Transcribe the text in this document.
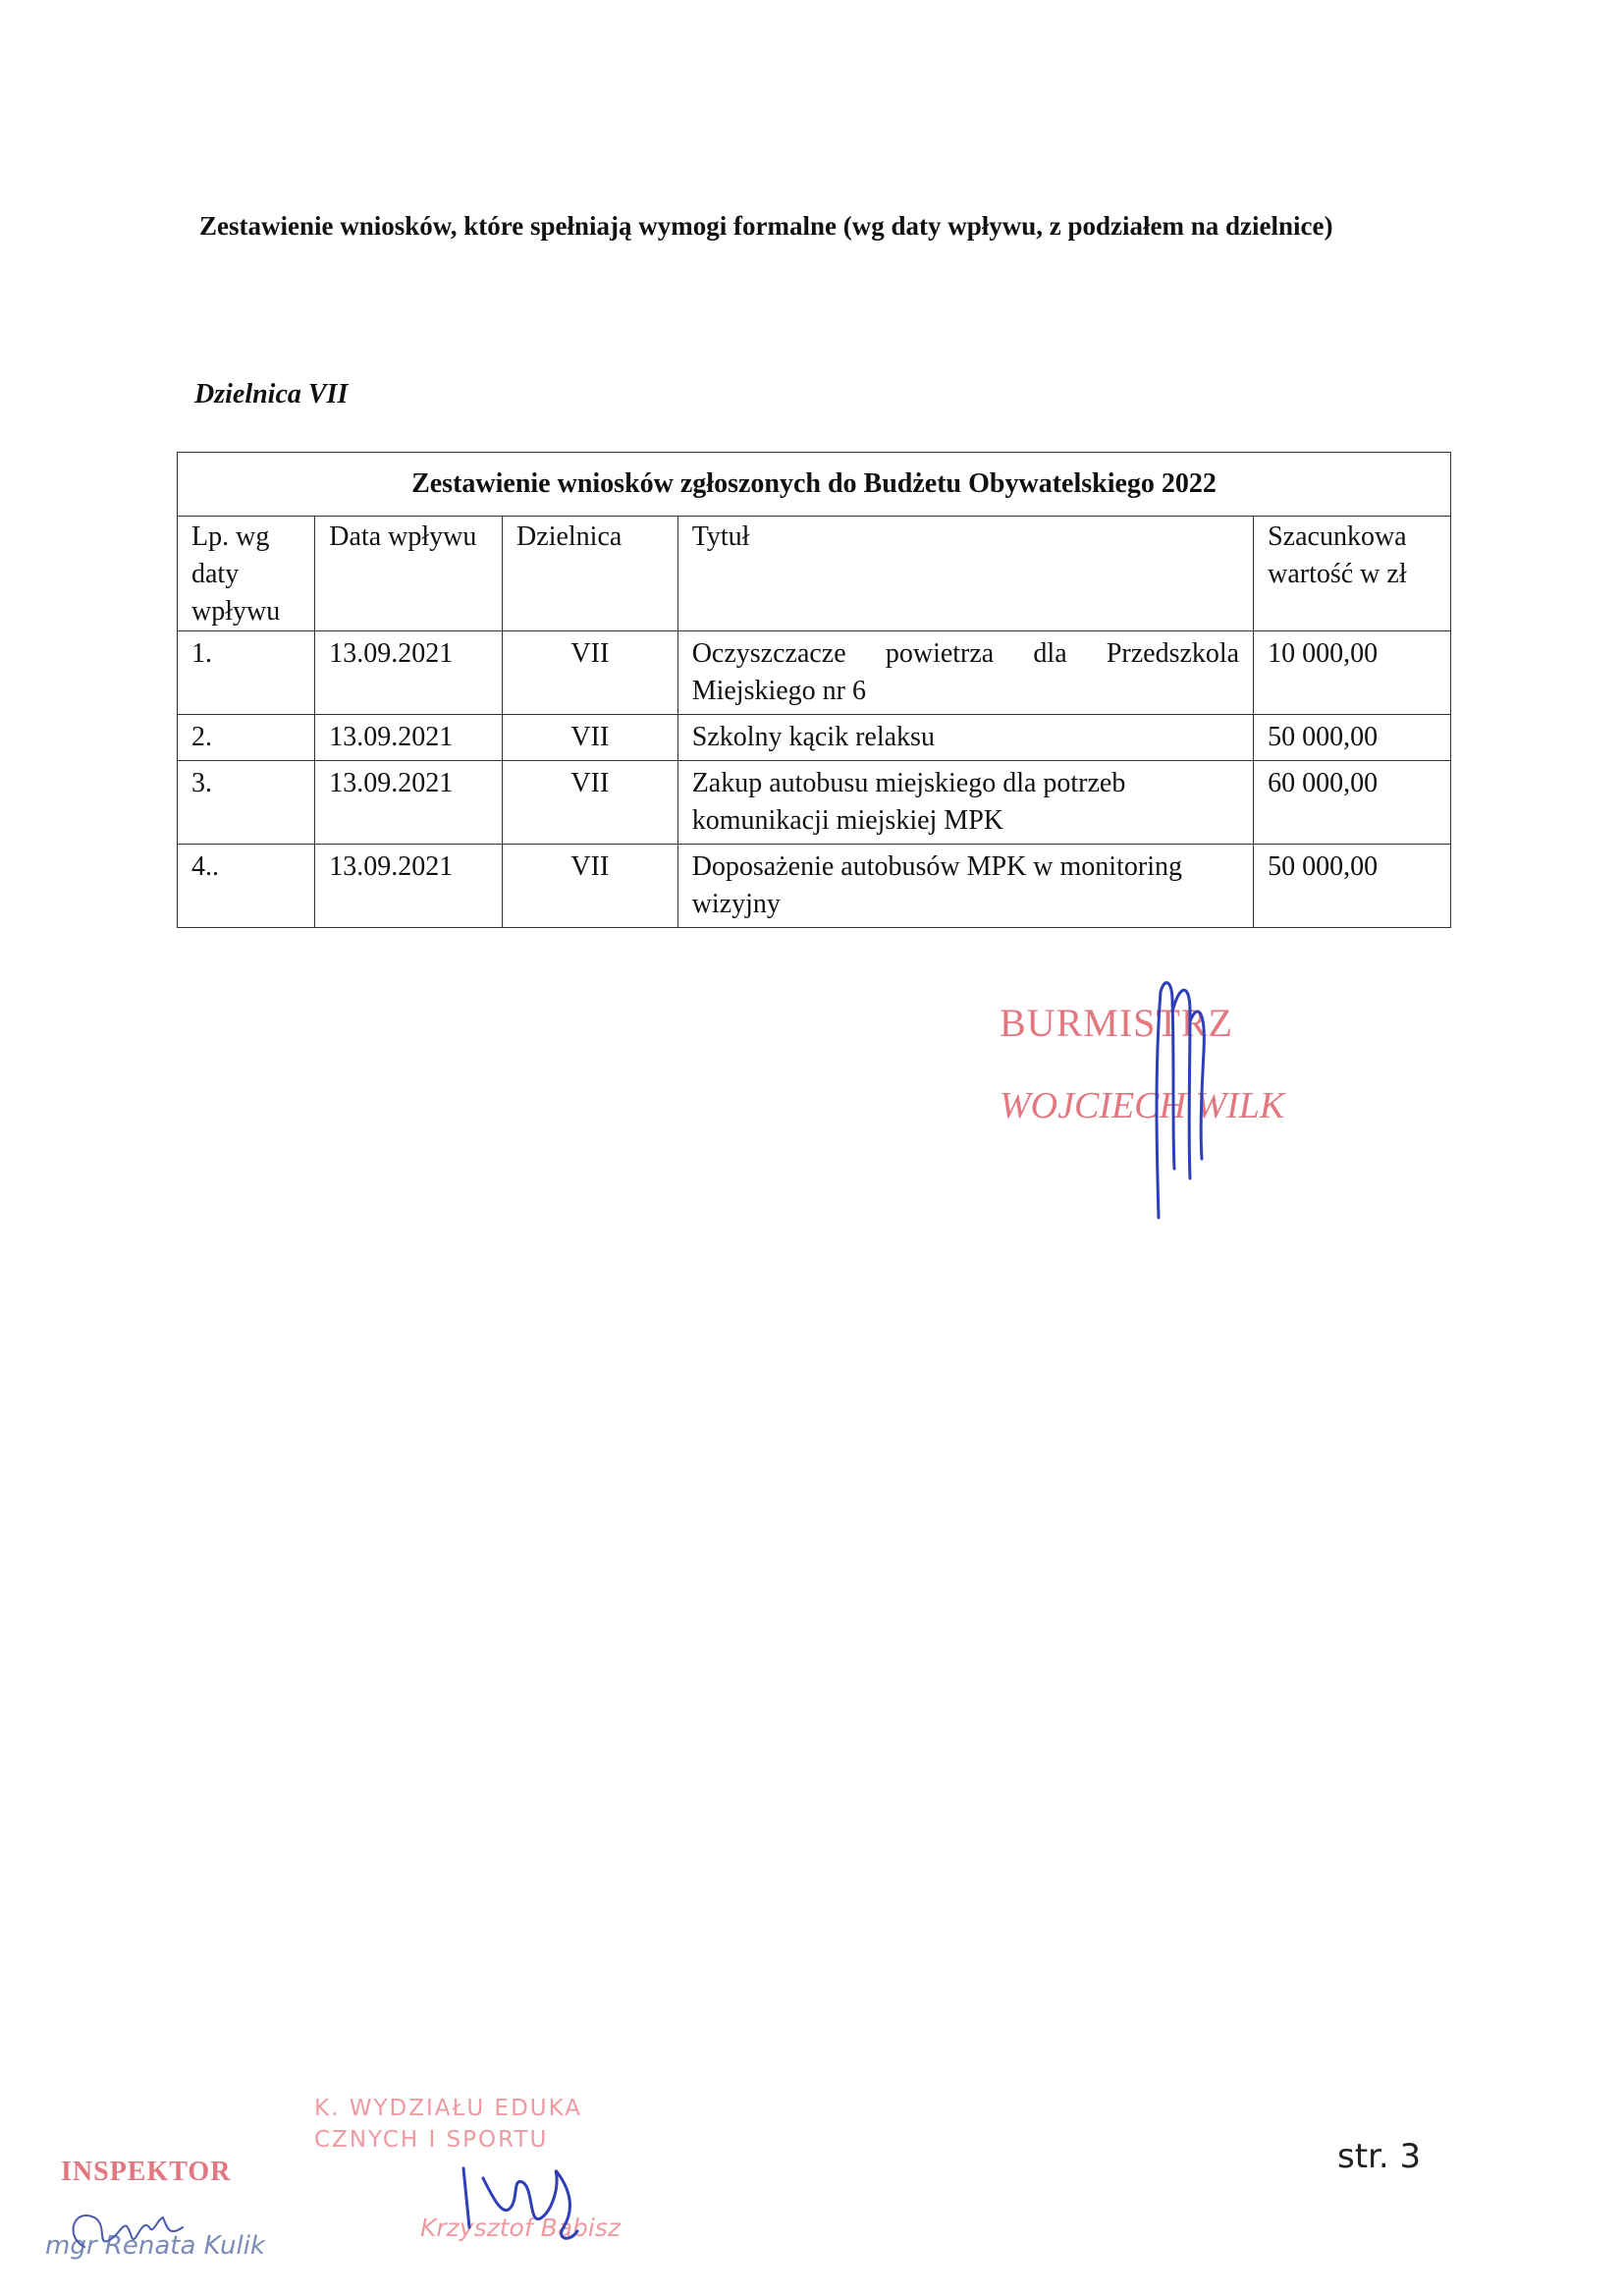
Zestawienie wniosków, które spełniają wymogi formalne (wg daty wpływu, z podziałem na dzielnice)
Dzielnica VII
Zestawienie wniosków zgłoszonych do Budżetu Obywatelskiego 2022				
Lp. wg daty wpływu	Data wpływu	Dzielnica	Tytuł	Szacunkowa wartość w zł
1.	13.09.2021	VII	Oczyszczacze powietrza dla Przedszkola Miejskiego nr 6	10 000,00
2.	13.09.2021	VII	Szkolny kącik relaksu	50 000,00
3.	13.09.2021	VII	Zakup autobusu miejskiego dla potrzeb komunikacji miejskiej MPK	60 000,00
4..	13.09.2021	VII	Doposażenie autobusów MPK w monitoring wizyjny	50 000,00
BURMISTRZ
WOJCIECH WILK
INSPEKTOR
mgr Renata Kulik
K. WYDZIAŁU EDUKA
CZNYCH I SPORTU
Krzysztof Babisz
str. 3
